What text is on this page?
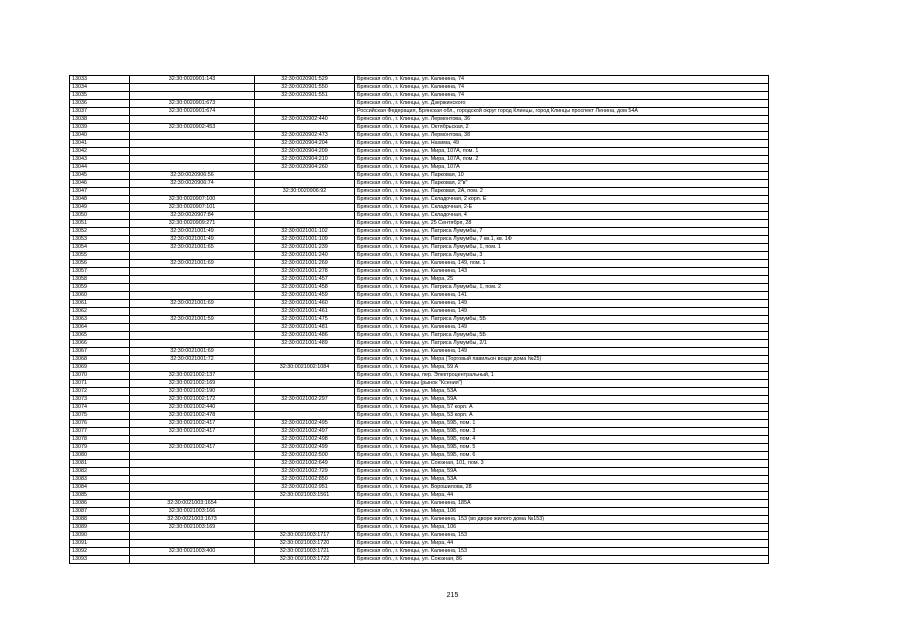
13033	32:30:0020901:143	32:30:0020901:529	Брянская обл., г. Клинцы, ул. Калинина, 74
13034		32:30:0020901:550	Брянская обл., г. Клинцы, ул. Калинина, 74
13035		32:30:0020901:551	Брянская обл., г. Клинцы, ул. Калинина, 74
13036	32:30:0020901:673		Брянская обл., г. Клинцы, ул. Дзержинского
13037	32:30:0020901:674		Российская Федерация, Брянская обл., городской округ город Клинцы, город Клинцы проспект Ленина, дом 54А
13038		32:30:0020902:440	Брянская обл., г. Клинцы, ул. Лермонтова, 36
13039	32:30:0020902:453		Брянская обл., г. Клинцы, ул. Октябрьская, 2
13040		32:30:0020902:473	Брянская обл., г. Клинцы, ул. Лермонтова, 38
13041		32:30:0020904:204	Брянская обл., г. Клинцы, ул. Нахима, 49
13042		32:30:0020904:209	Брянская обл., г. Клинцы, ул. Мира, 107А, пом. 1
13043		32:30:0020904:210	Брянская обл., г. Клинцы, ул. Мира, 107А, пом. 2
13044		32:30:0020904:260	Брянская обл., г. Клинцы, ул. Мира, 107А
13045	32:30:0020906:56		Брянская обл., г. Клинцы, ул. Парковая, 10
13046	32:30:0020906:74		Брянская обл., г. Клинцы, ул. Парковая, 2"в"
13047		32:30:0020906:92	Брянская обл., г. Клинцы, ул. Парковая, 2А, пом. 2
13048	32:30:0020907:100		Брянская обл., г. Клинцы, ул. Складочная, 2 корп. Е
13049	32:30:0020907:101		Брянская обл., г. Клинцы, ул. Складочная, 2-Е
13050	32:30:0020907:84		Брянская обл., г. Клинцы, ул. Складочная, 4
13051	32:30:0020909:271		Брянская обл., г. Клинцы, ул. 25 Сентября, 28
13052	32:30:0021001:49	32:30:0021001:102	Брянская обл., г. Клинцы, ул. Патриса Лумумбы, 7
13053	32:30:0021001:49	32:30:0021001:109	Брянская обл., г. Клинцы, ул. Патриса Лумумбы, 7 кв.1, кв. 1Ф
13054	32:30:0021001:65	32:30:0021001:239	Брянская обл., г. Клинцы, ул. Патриса Лумумбы, 1, пом. 1
13055		32:30:0021001:240	Брянская обл., г. Клинцы, ул. Патриса Лумумбы, 3
13056	32:30:0021001:69	32:30:0021001:269	Брянская обл., г. Клинцы, ул. Калинина, 149, пом. 1
13057		32:30:0021001:278	Брянская обл., г. Клинцы, ул. Калинина, 143
13058		32:30:0021001:457	Брянская обл., г. Клинцы, ул. Мира, 25
13059		32:30:0021001:458	Брянская обл., г. Клинцы, ул. Патриса Лумумбы, 1, пом. 2
13060		32:30:0021001:459	Брянская обл., г. Клинцы, ул. Калинина, 141
13061	32:30:0021001:69	32:30:0021001:460	Брянская обл., г. Клинцы, ул. Калинина, 149
13062		32:30:0021001:461	Брянская обл., г. Клинцы, ул. Калинина, 149
13063	32:30:0021001:59	32:30:0021001:475	Брянская обл., г. Клинцы, ул. Патриса Лумумбы, 5Б
13064		32:30:0021001:481	Брянская обл., г. Клинцы, ул. Калинина, 149
13065		32:30:0021001:486	Брянская обл., г. Клинцы, ул. Патриса Лумумбы, 5Б
13066		32:30:0021001:489	Брянская обл., г. Клинцы, ул. Патриса Лумумбы, 2/1
13067	32:30:0021001:69		Брянская обл., г. Клинцы, ул. Калинина, 149
13068	32:30:0021001:72		Брянская обл., г. Клинцы, ул. Мира (Торговый павильон возде дома №25)
13069		32:30:0021002:1084	Брянская обл., г. Клинцы, ул. Мира, 59 А
13070	32:30:0021002:137		Брянская обл., г. Клинцы, пер. Электроцентральный, 1
13071	32:30:0021002:169		Брянская обл., г. Клинцы (рынок "Ксения")
13072	32:30:0021002:190		Брянская обл., г. Клинцы, ул. Мира, 53А
13073	32:30:0021002:172	32:30:0021002:297	Брянская обл., г. Клинцы, ул. Мира, 59А
13074	32:30:0021002:440		Брянская обл., г. Клинцы, ул. Мира, 57 корп. А
13075	32:30:0021002:478		Брянская обл., г. Клинцы, ул. Мира, 53 корп. А
13076	32:30:0021002:417	32:30:0021002:495	Брянская обл., г. Клинцы, ул. Мира, 59Б, пом. 1
13077	32:30:0021002:417	32:30:0021002:497	Брянская обл., г. Клинцы, ул. Мира, 59Б, пом. 3
13078		32:30:0021002:498	Брянская обл., г. Клинцы, ул. Мира, 59Б, пом. 4
13079	32:30:0021002:417	32:30:0021002:499	Брянская обл., г. Клинцы, ул. Мира, 59Б, пом. 5
13080		32:30:0021002:500	Брянская обл., г. Клинцы, ул. Мира, 59Б, пом. 6
13081		32:30:0021002:649	Брянская обл., г. Клинцы, ул. Союзная, 101, пом. 3
13082		32:30:0021002:729	Брянская обл., г. Клинцы, ул. Мира, 59А
13083		32:30:0021002:850	Брянская обл., г. Клинцы, ул. Мира, 53А
13084		32:30:0021002:951	Брянская обл., г. Клинцы, ул. Ворошилова, 28
13085		32:30:0021003:1561	Брянская обл., г. Клинцы, ул. Мира, 44
13086	32:30:0021003:1654		Брянская обл., г. Клинцы, ул. Калинина, 185А
13087	32:30:0021003:166		Брянская обл., г. Клинцы, ул. Мира, 106
13088	32:30:0021003:1673		Брянская обл., г. Клинцы, ул. Калинина, 153 (во дворе жилого дома №153)
13089	32:30:0021003:169		Брянская обл., г. Клинцы, ул. Мира, 106
13090		32:30:0021003:1717	Брянская обл., г. Клинцы, ул. Калинина, 153
13091		32:30:0021003:1720	Брянская обл., г. Клинцы, ул. Мира, 44
13092	32:30:0021003:400	32:30:0021003:1721	Брянская обл., г. Клинцы, ул. Калинина, 153
13093		32:30:0021003:1722	Брянская обл., г. Клинцы, ул. Союзная, 86
215
